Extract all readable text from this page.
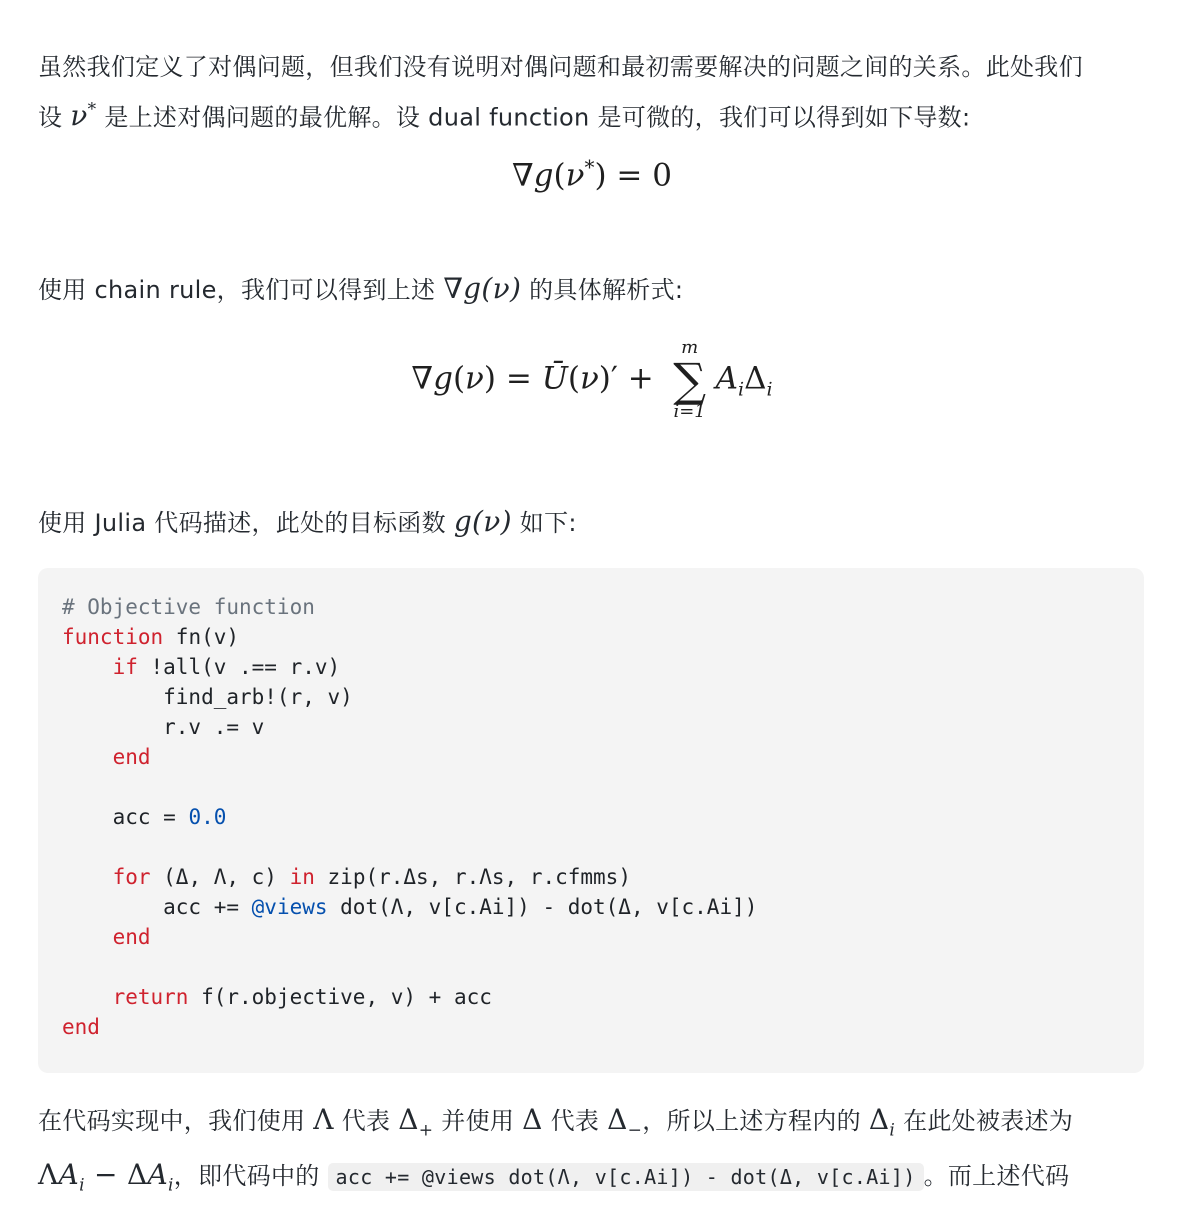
虽然我们定义了对偶问题，但我们没有说明对偶问题和最初需要解决的问题之间的关系。此处我们
设 ν* 是上述对偶问题的最优解。设 dual function 是可微的，我们可以得到如下导数:
∇g(ν*) = 0
使用 chain rule，我们可以得到上述 ∇g(ν) 的具体解析式:
∇g(ν) = Ū(ν)′ +
m
∑
i=1
$A_i\Delta_i$
使用 Julia 代码描述，此处的目标函数 g(ν) 如下:
# Objective function
function fn(v)
if !all(v .== r.v)
find_arb!(r, v)
r.v .= v
end
acc = 0.0
for (Δ, Λ, c) in zip(r.Δs, r.Λs, r.cfmms)
acc += @views dot(Λ, v[c.Ai]) - dot(Δ, v[c.Ai])
end
return f(r.objective, v) + acc
end
在代码实现中，我们使用 Λ 代表 $\Delta_+$ 并使用 Δ 代表 $\Delta_-$，所以上述方程内的 $\Delta_i$ 在此处被表述为
$\Lambda A_i - \Delta A_i$，即代码中的 acc += @views dot(Λ, v[c.Ai]) - dot(Δ, v[c.Ai]) 。而上述代码
